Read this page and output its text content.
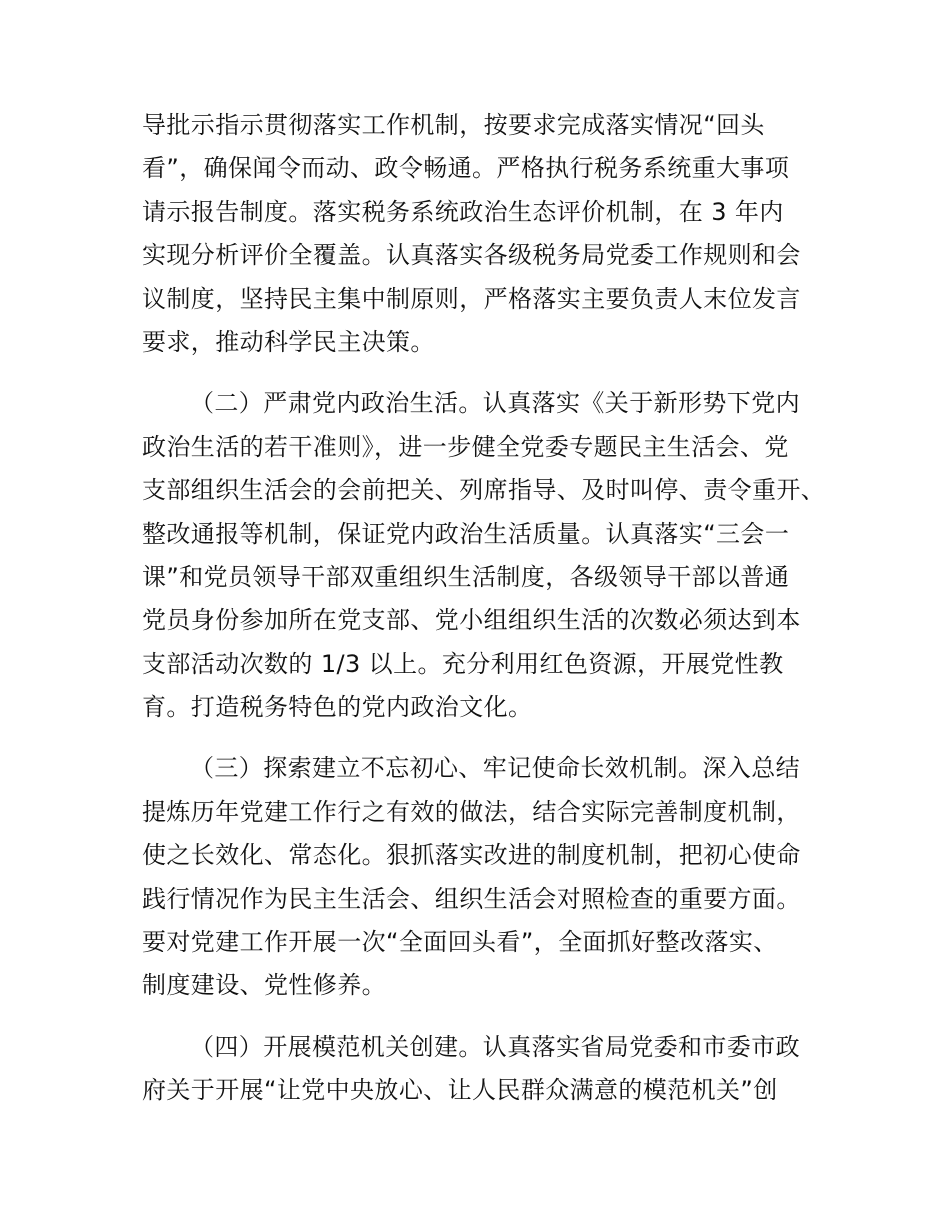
导批示指示贯彻落实工作机制，按要求完成落实情况“回头
看”，确保闻令而动、政令畅通。严格执行税务系统重大事项
请示报告制度。落实税务系统政治生态评价机制，在 3 年内
实现分析评价全覆盖。认真落实各级税务局党委工作规则和会
议制度，坚持民主集中制原则，严格落实主要负责人末位发言
要求，推动科学民主决策。
（二）严肃党内政治生活。认真落实《关于新形势下党内
政治生活的若干准则》，进一步健全党委专题民主生活会、党
支部组织生活会的会前把关、列席指导、及时叫停、责令重开、
整改通报等机制，保证党内政治生活质量。认真落实“三会一
课”和党员领导干部双重组织生活制度，各级领导干部以普通
党员身份参加所在党支部、党小组组织生活的次数必须达到本
支部活动次数的 1/3 以上。充分利用红色资源，开展党性教
育。打造税务特色的党内政治文化。
（三）探索建立不忘初心、牢记使命长效机制。深入总结
提炼历年党建工作行之有效的做法，结合实际完善制度机制，
使之长效化、常态化。狠抓落实改进的制度机制，把初心使命
践行情况作为民主生活会、组织生活会对照检查的重要方面。
要对党建工作开展一次“全面回头看”，全面抓好整改落实、
制度建设、党性修养。
（四）开展模范机关创建。认真落实省局党委和市委市政
府关于开展“让党中央放心、让人民群众满意的模范机关”创
